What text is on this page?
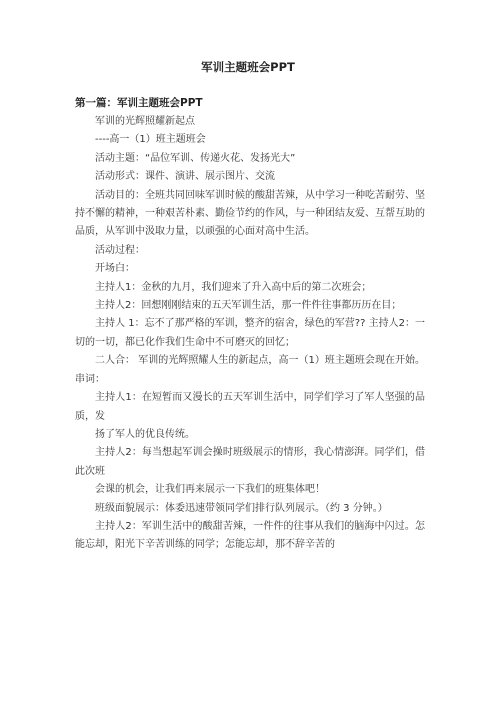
军训主题班会PPT
第一篇：军训主题班会PPT

军训的光辉照耀新起点

----高一（1）班主题班会

活动主题：“品位军训、传递火花、发扬光大”

活动形式：课件、演讲、展示图片、交流

活动目的：全班共同回味军训时候的酸甜苦辣，从中学习一种吃苦耐劳、坚持不懈的精神，一种艰苦朴素、勤俭节约的作风，与一种团结友爱、互帮互助的品质，从军训中汲取力量，以顽强的心面对高中生活。

活动过程：

开场白：

主持人1：金秋的九月，我们迎来了升入高中后的第二次班会；

主持人2：回想刚刚结束的五天军训生活，那一件件往事都历历在目；

主持人 1：忘不了那严格的军训，整齐的宿舍，绿色的军营?? 主持人2：一切的一切，都已化作我们生命中不可磨灭的回忆；

二人合： 军训的光辉照耀人生的新起点，高一（1）班主题班会现在开始。串词：

主持人1：在短暂而又漫长的五天军训生活中，同学们学习了军人坚强的品质，发

扬了军人的优良传统。

主持人2：每当想起军训会操时班级展示的情形，我心情澎湃。同学们，借此次班

会课的机会，让我们再来展示一下我们的班集体吧！

班级面貌展示：体委迅速带领同学们排行队列展示。（约 3 分钟。）

主持人2：军训生活中的酸甜苦辣，一件件的往事从我们的脑海中闪过。怎能忘却，阳光下辛苦训练的同学；怎能忘却，那不辞辛苦的
